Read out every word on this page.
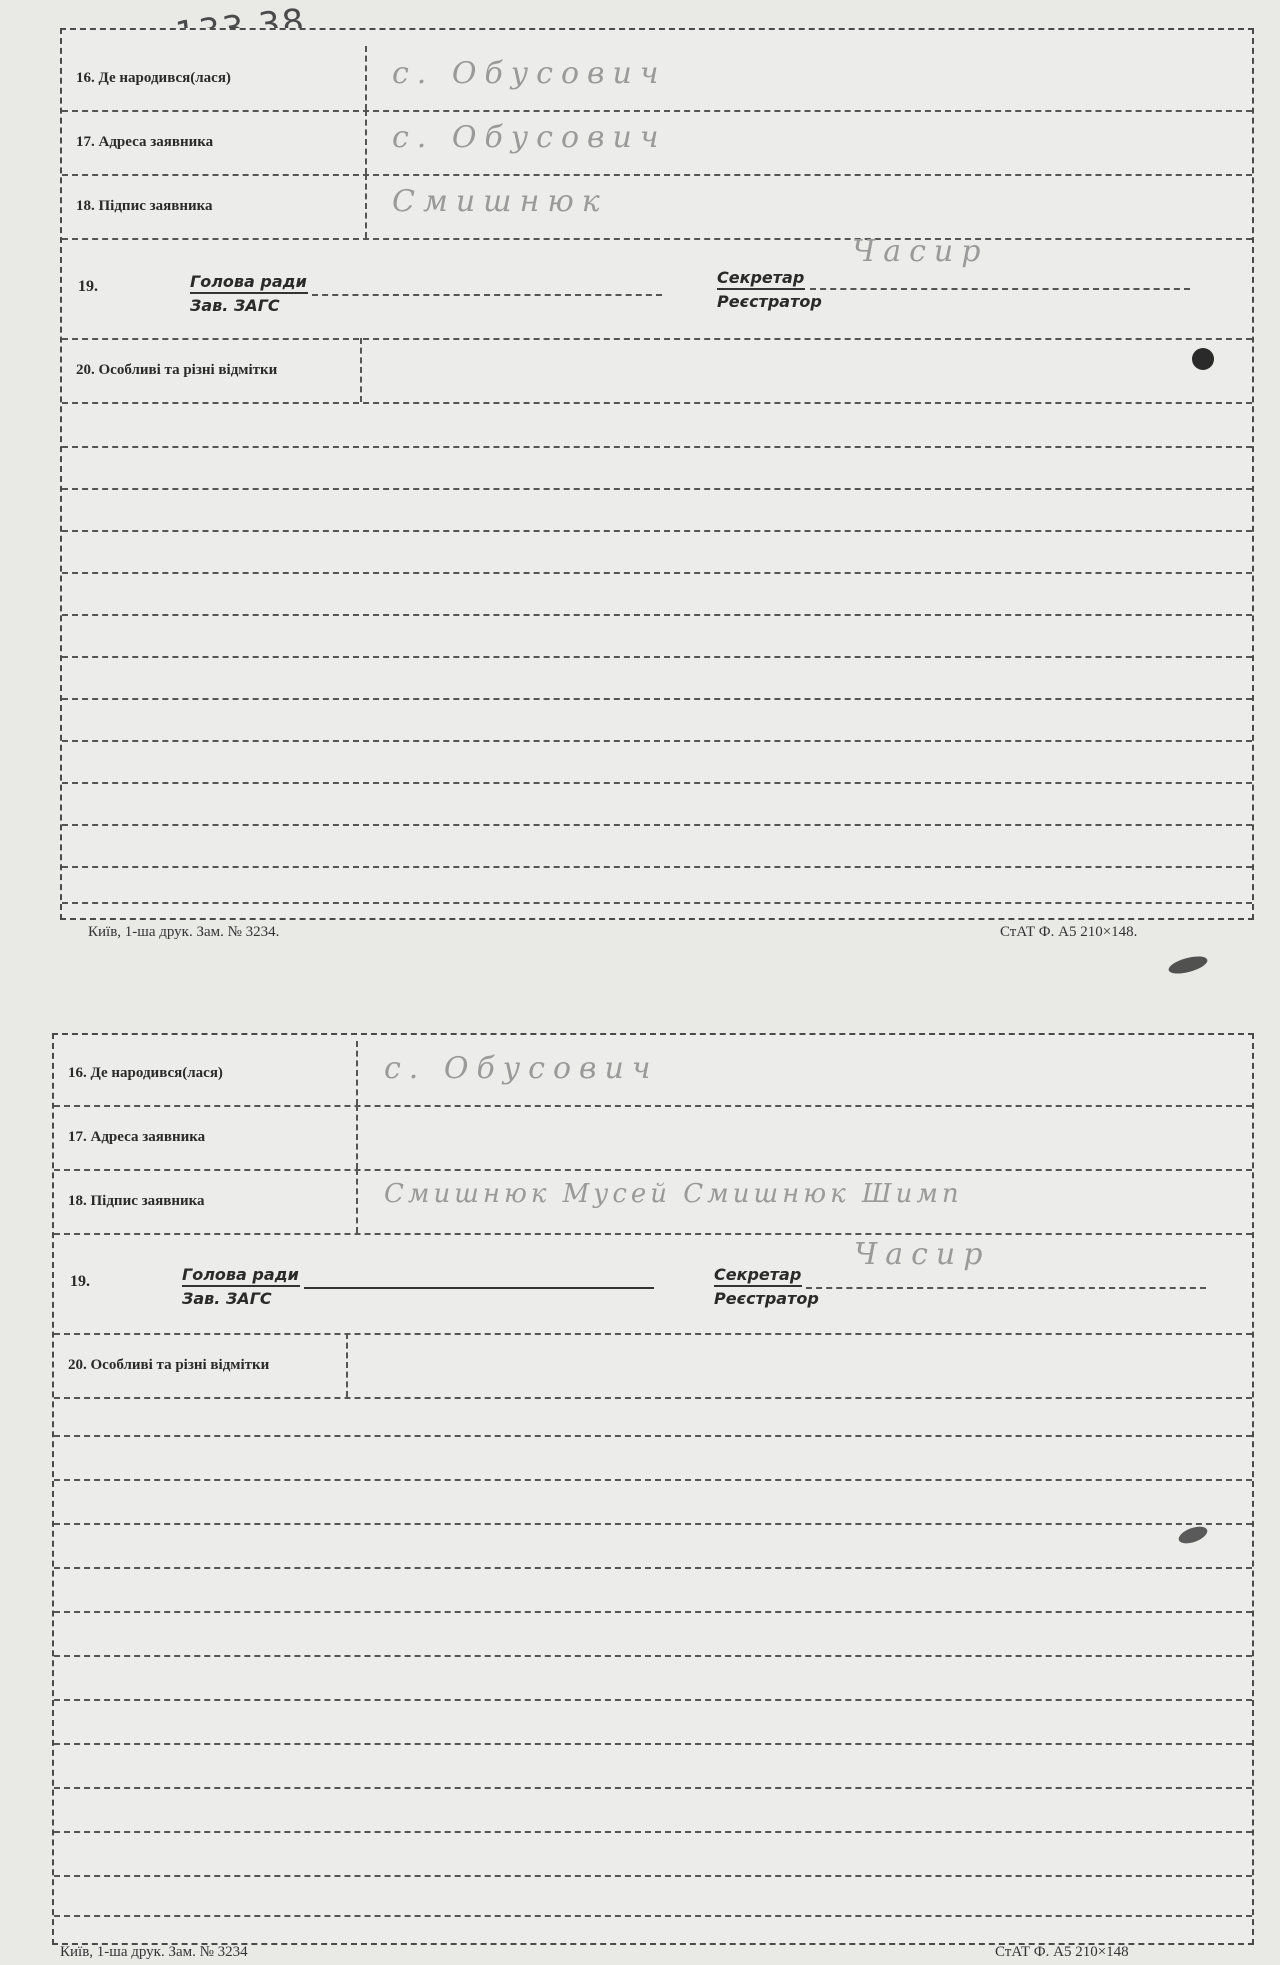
16. Де народився(лася)	с. Обусович
17. Адреса заявника	с. Обусович
18. Підпис заявника	Смишнюк
19.	Голова ради
Зав. ЗАГС
Секретар
Реєстратор
Часир
20. Особливі та різні відмітки
Київ, 1-ша друк. Зам. № 3234.	СтАТ Ф. А5 210×148.
16. Де народився(лася)	с. Обусович
17. Адреса заявника
18. Підпис заявника	Смишнюк Мусей Смишнюк Шимп
19.	Голова ради
Зав. ЗАГС
Секретар
Реєстратор
Часир
20. Особливі та різні відмітки
Київ, 1-ша друк. Зам. № 3234	СтАТ Ф. А5 210×148
